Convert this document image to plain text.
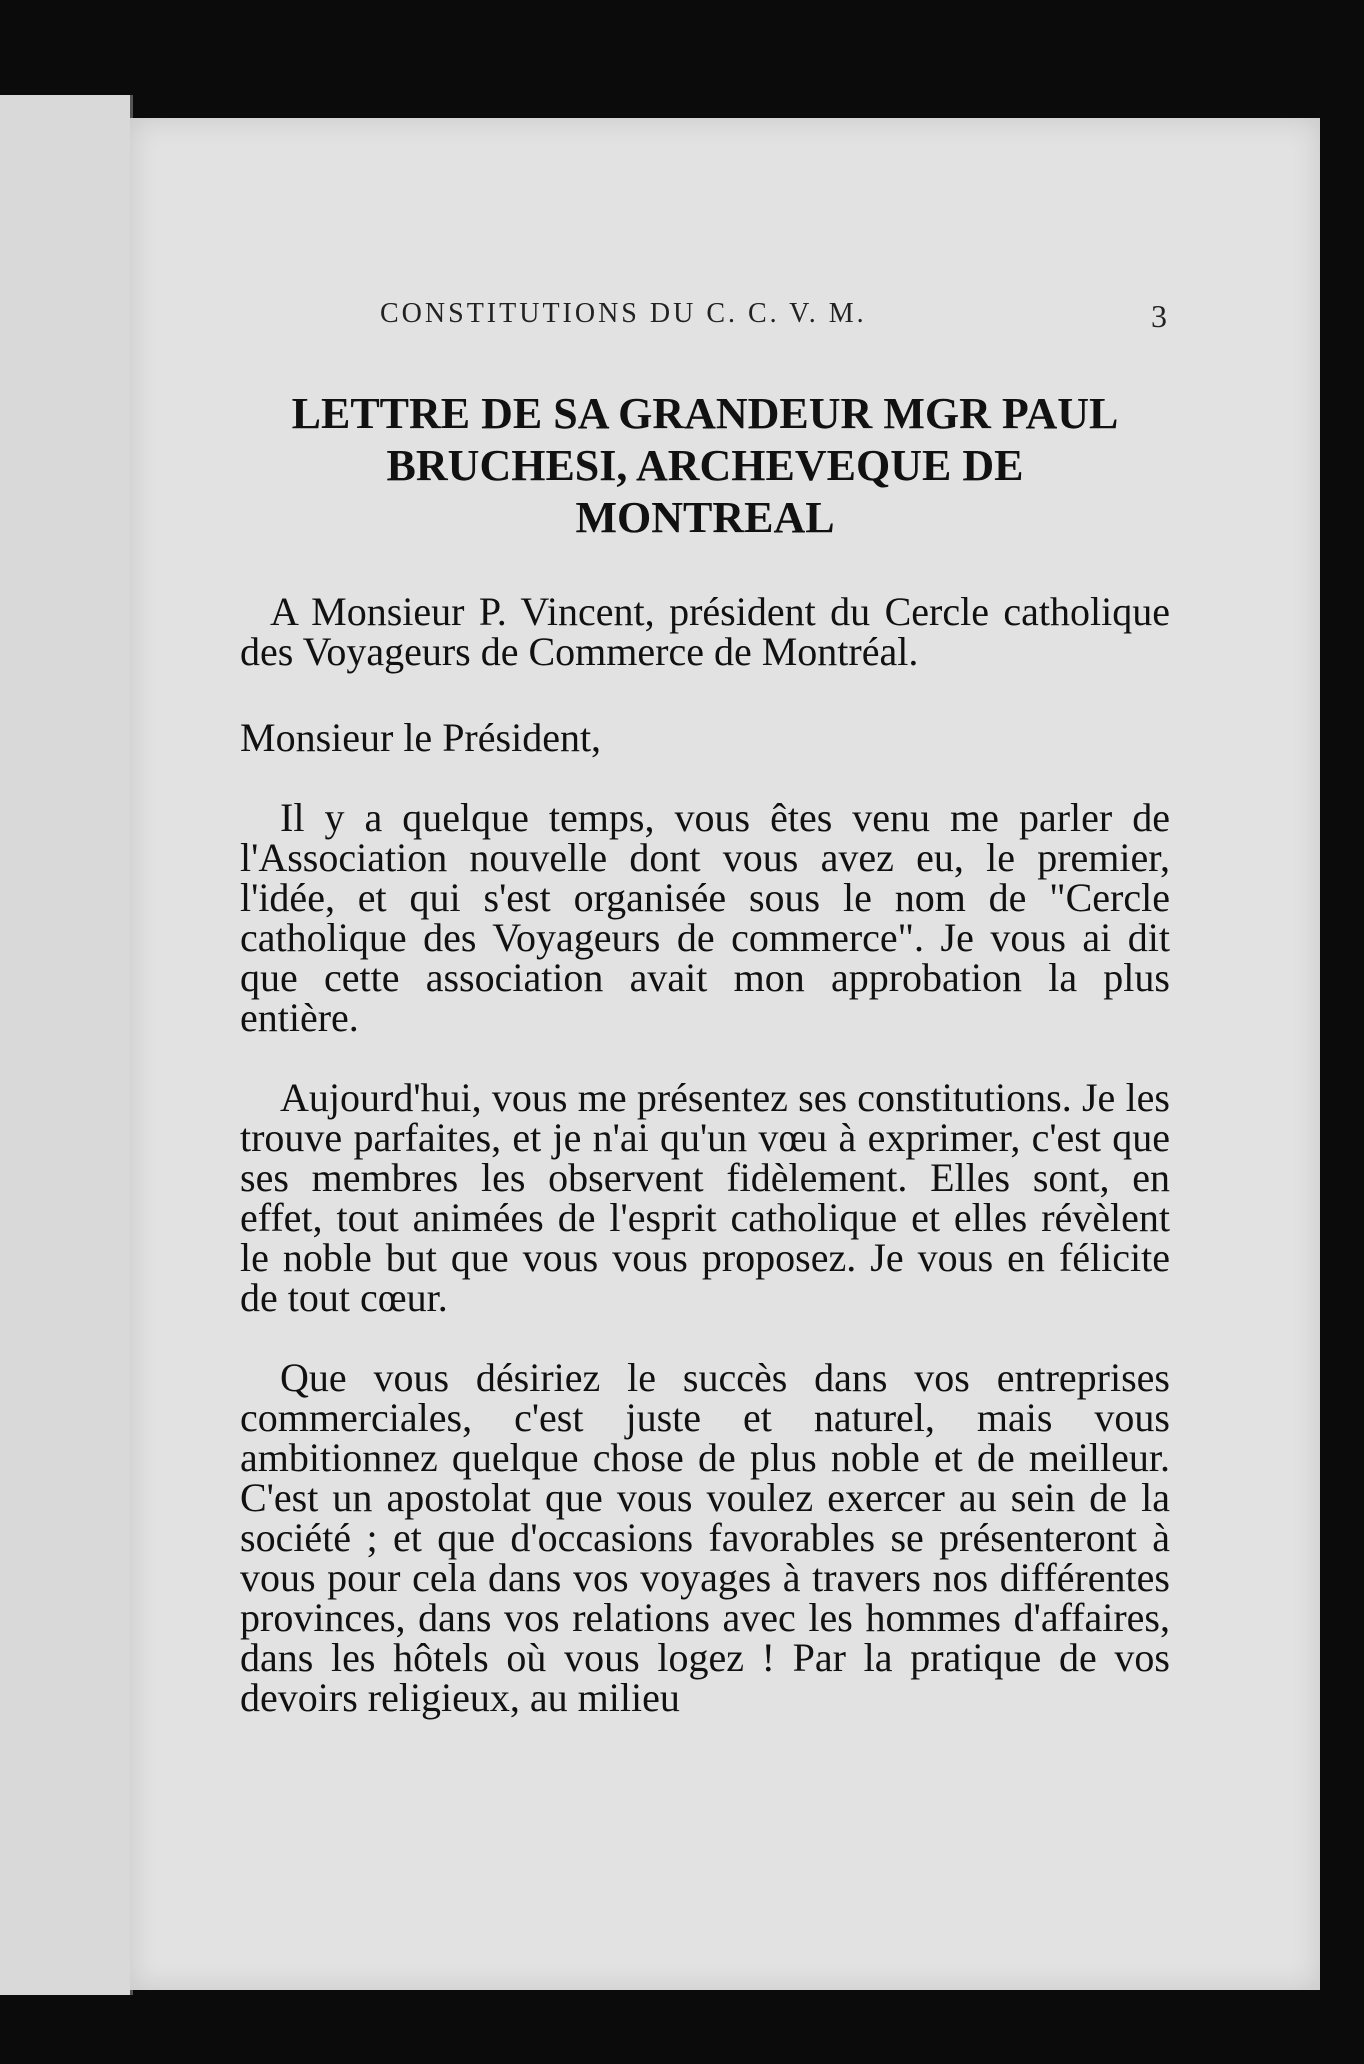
CONSTITUTIONS DU C. C. V. M.	3
LETTRE DE SA GRANDEUR MGR PAUL
BRUCHESI, ARCHEVEQUE DE
MONTREAL

A Monsieur P. Vincent, président du Cercle catholique des Voyageurs de Commerce de Montréal.

Monsieur le Président,

Il y a quelque temps, vous êtes venu me parler de l'Association nouvelle dont vous avez eu, le premier, l'idée, et qui s'est organisée sous le nom de "Cercle catholique des Voyageurs de commerce". Je vous ai dit que cette association avait mon approbation la plus entière.

Aujourd'hui, vous me présentez ses constitutions. Je les trouve parfaites, et je n'ai qu'un vœu à exprimer, c'est que ses membres les observent fidèlement. Elles sont, en effet, tout animées de l'esprit catholique et elles révèlent le noble but que vous vous proposez. Je vous en félicite de tout cœur.

Que vous désiriez le succès dans vos entreprises commerciales, c'est juste et naturel, mais vous ambitionnez quelque chose de plus noble et de meilleur. C'est un apostolat que vous voulez exercer au sein de la société ; et que d'occasions favorables se présenteront à vous pour cela dans vos voyages à travers nos différentes provinces, dans vos relations avec les hommes d'affaires, dans les hôtels où vous logez ! Par la pratique de vos devoirs religieux, au milieu
